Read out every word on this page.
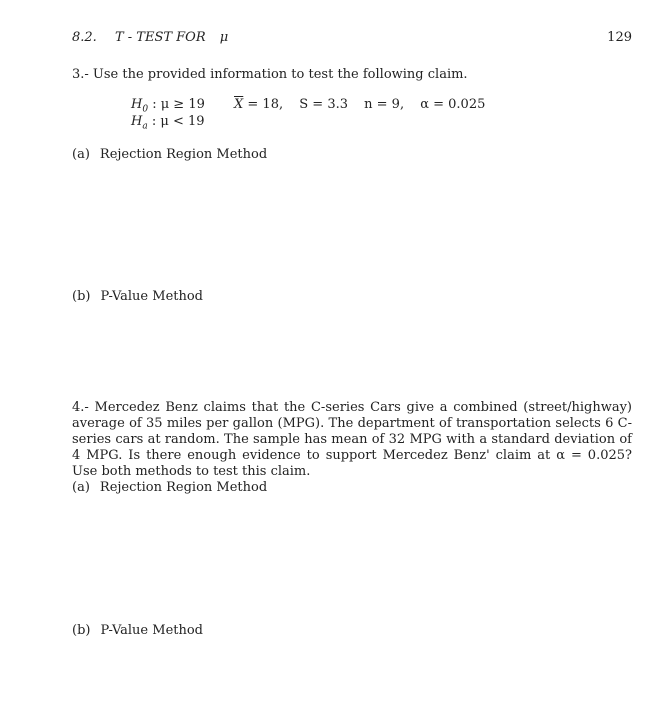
8.2. T - TEST FOR μ	129
3.- Use the provided information to test the following claim.
$H_0$ : μ ≥ 19
$H_a$ : μ < 19
$\overline{X} = 18$, S = 3.3 n = 9, α = 0.025
(a) Rejection Region Method
(b) P-Value Method
4.- Mercedez Benz claims that the C-series Cars give a combined (street/highway) average of 35 miles per gallon (MPG). The department of transportation selects 6 C-series cars at random. The sample has mean of 32 MPG with a standard deviation of 4 MPG. Is there enough evidence to support Mercedez Benz' claim at α = 0.025? Use both methods to test this claim.
(a) Rejection Region Method
(b) P-Value Method
